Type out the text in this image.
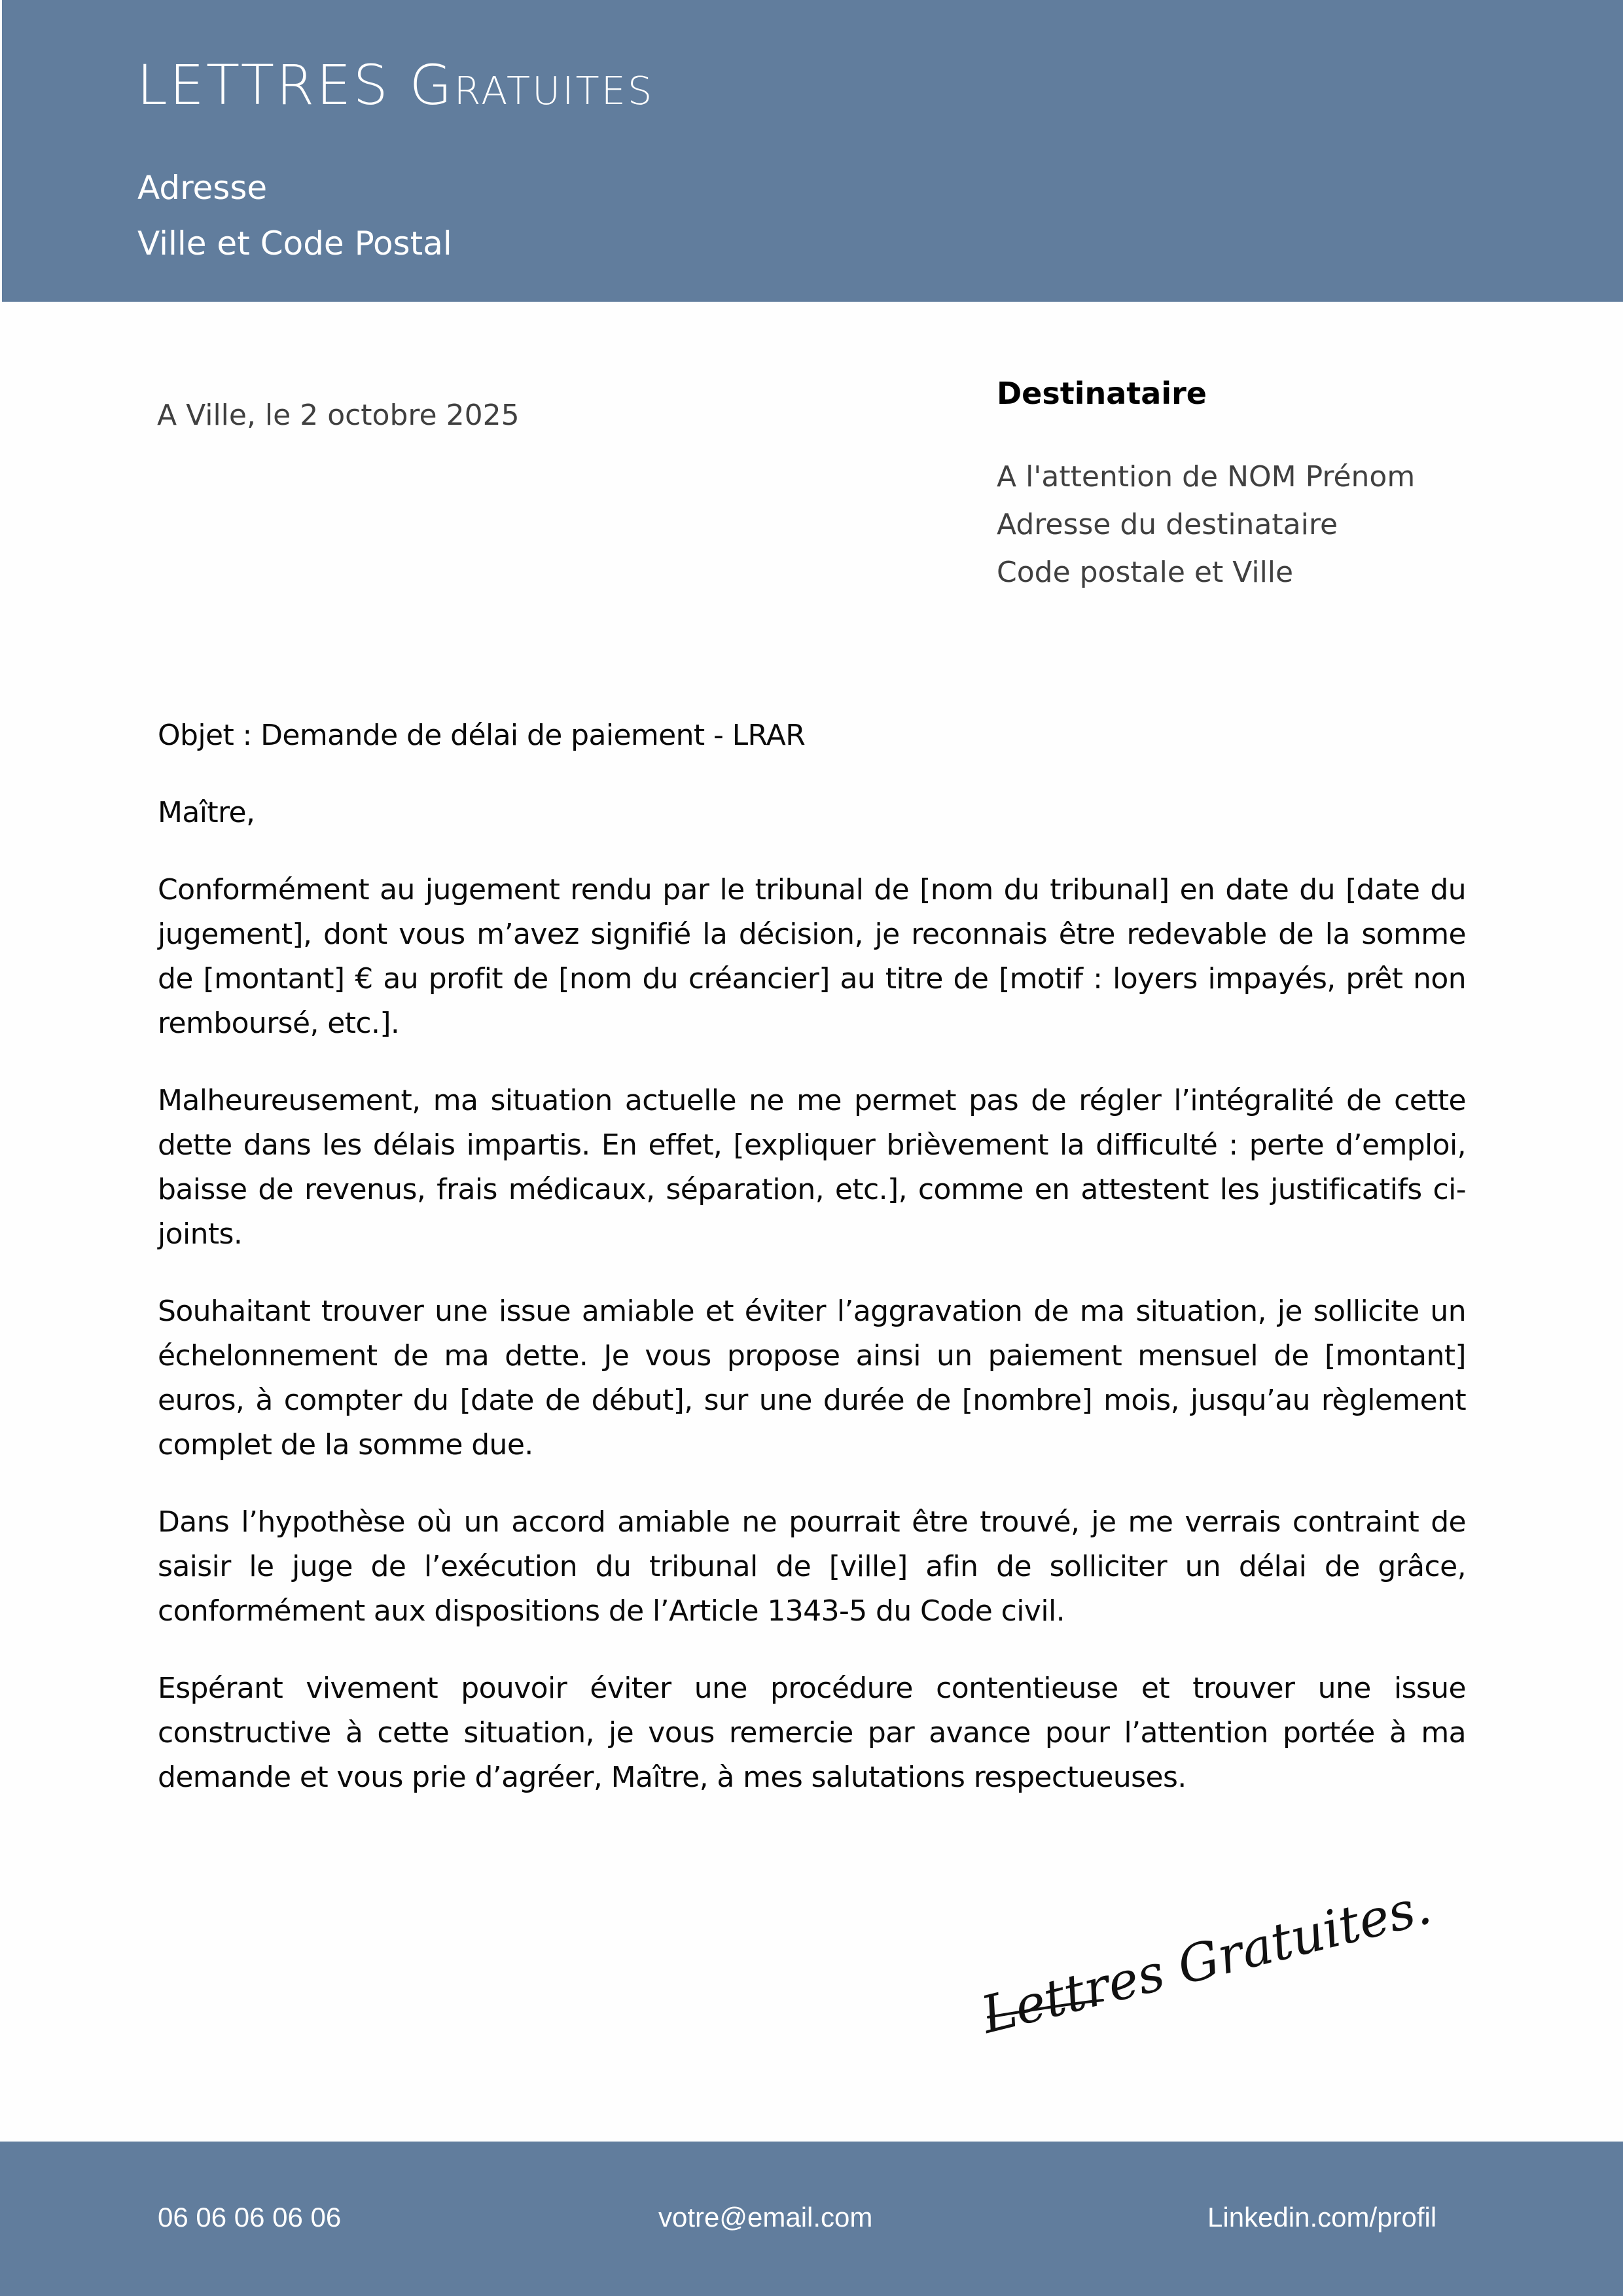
LETTRES Gratuites
Adresse
Ville et Code Postal
A Ville, le 2 octobre 2025
Destinataire
A l'attention de NOM Prénom
Adresse du destinataire
Code postale et Ville

Objet : Demande de délai de paiement - LRAR

Maître,

Conformément au jugement rendu par le tribunal de [nom du tribunal] en date du [date du jugement], dont vous m’avez signifié la décision, je reconnais être redevable de la somme de [montant] € au profit de [nom du créancier] au titre de [motif : loyers impayés, prêt non remboursé, etc.].

Malheureusement, ma situation actuelle ne me permet pas de régler l’intégralité de cette dette dans les délais impartis. En effet, [expliquer brièvement la difficulté : perte d’emploi, baisse de revenus, frais médicaux, séparation, etc.], comme en attestent les justificatifs ci-joints.

Souhaitant trouver une issue amiable et éviter l’aggravation de ma situation, je sollicite un échelonnement de ma dette. Je vous propose ainsi un paiement mensuel de [montant] euros, à compter du [date de début], sur une durée de [nombre] mois, jusqu’au règlement complet de la somme due.

Dans l’hypothèse où un accord amiable ne pourrait être trouvé, je me verrais contraint de saisir le juge de l’exécution du tribunal de [ville] afin de solliciter un délai de grâce, conformément aux dispositions de l’Article 1343-5 du Code civil.

Espérant vivement pouvoir éviter une procédure contentieuse et trouver une issue constructive à cette situation, je vous remercie par avance pour l’attention portée à ma demande et vous prie d’agréer, Maître, à mes salutations respectueuses.

Lettres Gratuites.
06 06 06 06 06	votre@email.com	Linkedin.com/profil
